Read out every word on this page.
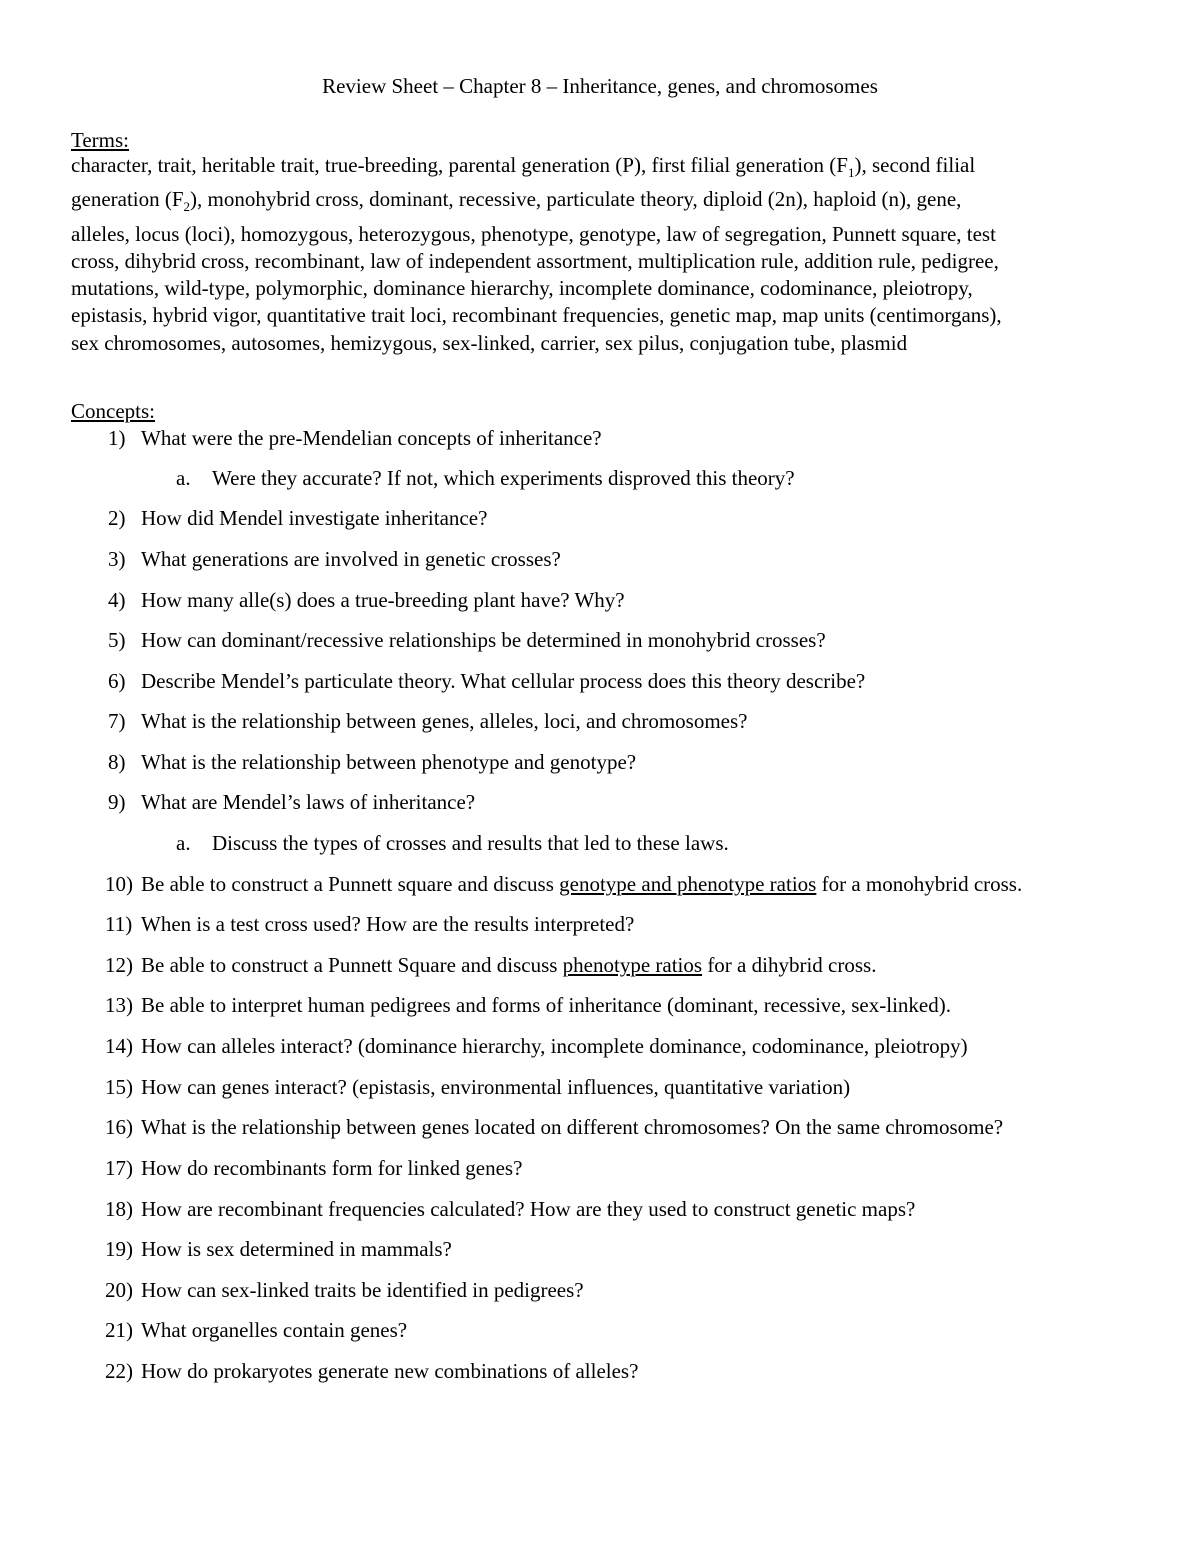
Review Sheet – Chapter 8 – Inheritance, genes, and chromosomes
Terms:
character, trait, heritable trait, true-breeding, parental generation (P), first filial generation $(F_1)$, second filial
generation $(F_2)$, monohybrid cross, dominant, recessive, particulate theory, diploid (2n), haploid (n), gene,
alleles, locus (loci), homozygous, heterozygous, phenotype, genotype, law of segregation, Punnett square, test
cross, dihybrid cross, recombinant, law of independent assortment, multiplication rule, addition rule, pedigree,
mutations, wild-type, polymorphic, dominance hierarchy, incomplete dominance, codominance, pleiotropy,
epistasis, hybrid vigor, quantitative trait loci, recombinant frequencies, genetic map, map units (centimorgans),
sex chromosomes, autosomes, hemizygous, sex-linked, carrier, sex pilus, conjugation tube, plasmid
Concepts:
1) What were the pre-Mendelian concepts of inheritance?
a. Were they accurate? If not, which experiments disproved this theory?
2) How did Mendel investigate inheritance?
3) What generations are involved in genetic crosses?
4) How many alle(s) does a true-breeding plant have? Why?
5) How can dominant/recessive relationships be determined in monohybrid crosses?
6) Describe Mendel’s particulate theory. What cellular process does this theory describe?
7) What is the relationship between genes, alleles, loci, and chromosomes?
8) What is the relationship between phenotype and genotype?
9) What are Mendel’s laws of inheritance?
a. Discuss the types of crosses and results that led to these laws.
10) Be able to construct a Punnett square and discuss genotype and phenotype ratios for a monohybrid cross.
11) When is a test cross used? How are the results interpreted?
12) Be able to construct a Punnett Square and discuss phenotype ratios for a dihybrid cross.
13) Be able to interpret human pedigrees and forms of inheritance (dominant, recessive, sex-linked).
14) How can alleles interact? (dominance hierarchy, incomplete dominance, codominance, pleiotropy)
15) How can genes interact? (epistasis, environmental influences, quantitative variation)
16) What is the relationship between genes located on different chromosomes? On the same chromosome?
17) How do recombinants form for linked genes?
18) How are recombinant frequencies calculated? How are they used to construct genetic maps?
19) How is sex determined in mammals?
20) How can sex-linked traits be identified in pedigrees?
21) What organelles contain genes?
22) How do prokaryotes generate new combinations of alleles?
